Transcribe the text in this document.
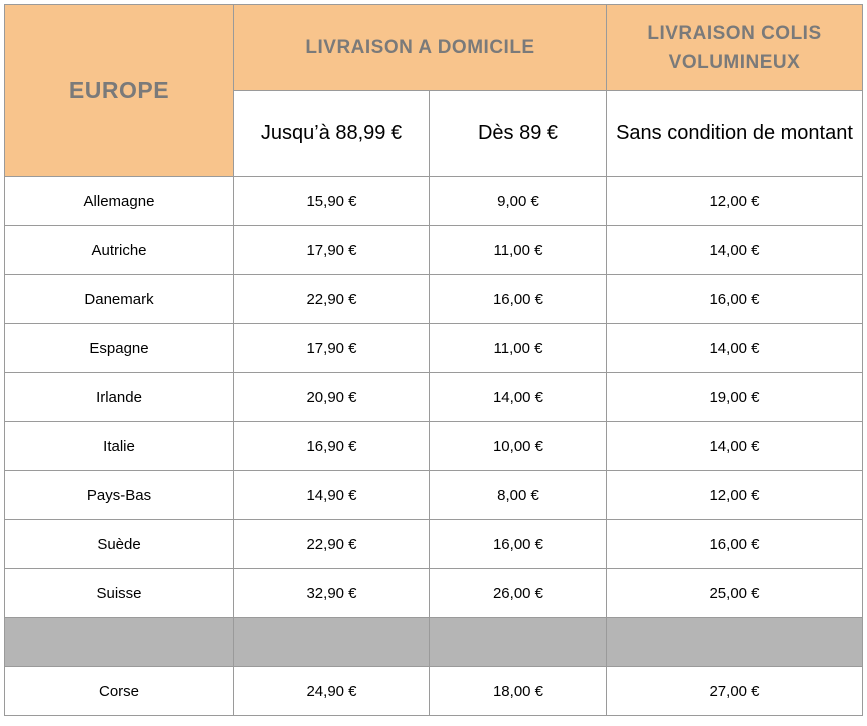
EUROPE	LIVRAISON A DOMICILE		LIVRAISON COLIS VOLUMINEUX
	Jusqu’à 88,99 €	Dès 89 €	Sans condition de montant
Allemagne	15,90 €	9,00 €	12,00 €
Autriche	17,90 €	11,00 €	14,00 €
Danemark	22,90 €	16,00 €	16,00 €
Espagne	17,90 €	11,00 €	14,00 €
Irlande	20,90 €	14,00 €	19,00 €
Italie	16,90 €	10,00 €	14,00 €
Pays-Bas	14,90 €	8,00 €	12,00 €
Suède	22,90 €	16,00 €	16,00 €
Suisse	32,90 €	26,00 €	25,00 €

Corse	24,90 €	18,00 €	27,00 €
